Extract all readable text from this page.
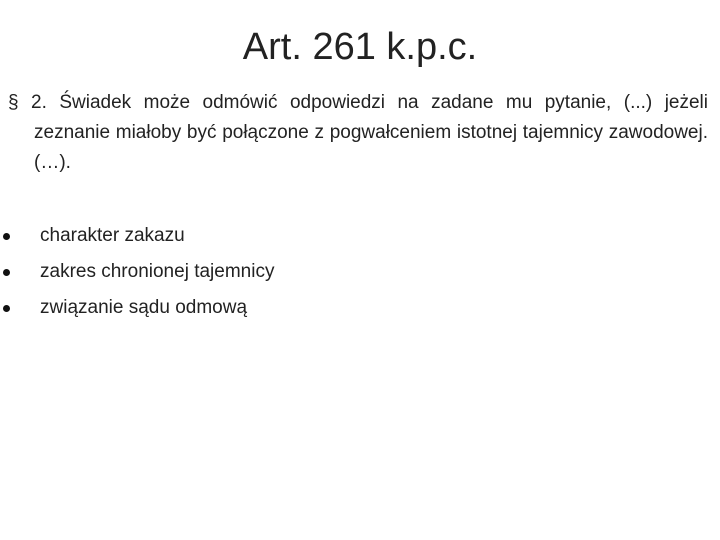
Art. 261 k.p.c.

§ 2. Świadek może odmówić odpowiedzi na zadane mu pytanie, (...) jeżeli zeznanie miałoby być połączone z pogwałceniem istotnej tajemnicy zawodowej. (…).

charakter zakazu
zakres chronionej tajemnicy
związanie sądu odmową
